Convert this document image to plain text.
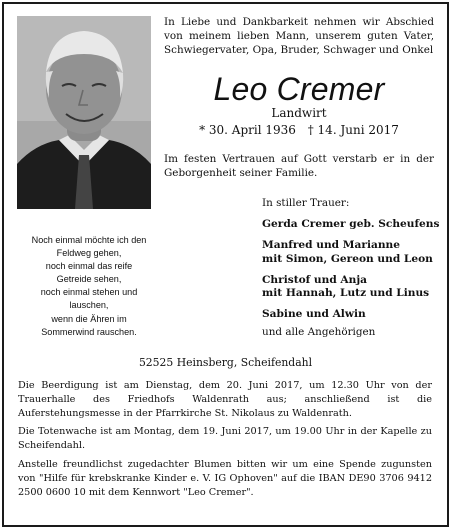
In Liebe und Dankbarkeit nehmen wir Abschied von meinem lieben Mann, unserem guten Vater, Schwiegervater, Opa, Bruder, Schwager und Onkel
Leo Cremer
Landwirt
* 30. April 1936 † 14. Juni 2017
Im festen Vertrauen auf Gott verstarb er in der Geborgenheit seiner Familie.
In stiller Trauer:
Gerda Cremer geb. Scheufens
Manfred und Marianne
mit Simon, Gereon und Leon
Christof und Anja
mit Hannah, Lutz und Linus
Sabine und Alwin
und alle Angehörigen
Noch einmal möchte ich den
Feldweg gehen,
noch einmal das reife
Getreide sehen,
noch einmal stehen und
lauschen,
wenn die Ähren im
Sommerwind rauschen.
52525 Heinsberg, Scheifendahl

Die Beerdigung ist am Dienstag, dem 20. Juni 2017, um 12.30 Uhr von der Trauerhalle des Friedhofs Waldenrath aus; anschließend ist die Auferstehungsmesse in der Pfarrkirche St. Nikolaus zu Waldenrath.

Die Totenwache ist am Montag, dem 19. Juni 2017, um 19.00 Uhr in der Kapelle zu Scheifendahl.

Anstelle freundlichst zugedachter Blumen bitten wir um eine Spende zugunsten von "Hilfe für krebskranke Kinder e. V. IG Ophoven" auf die IBAN DE90 3706 9412 2500 0600 10 mit dem Kennwort "Leo Cremer".
